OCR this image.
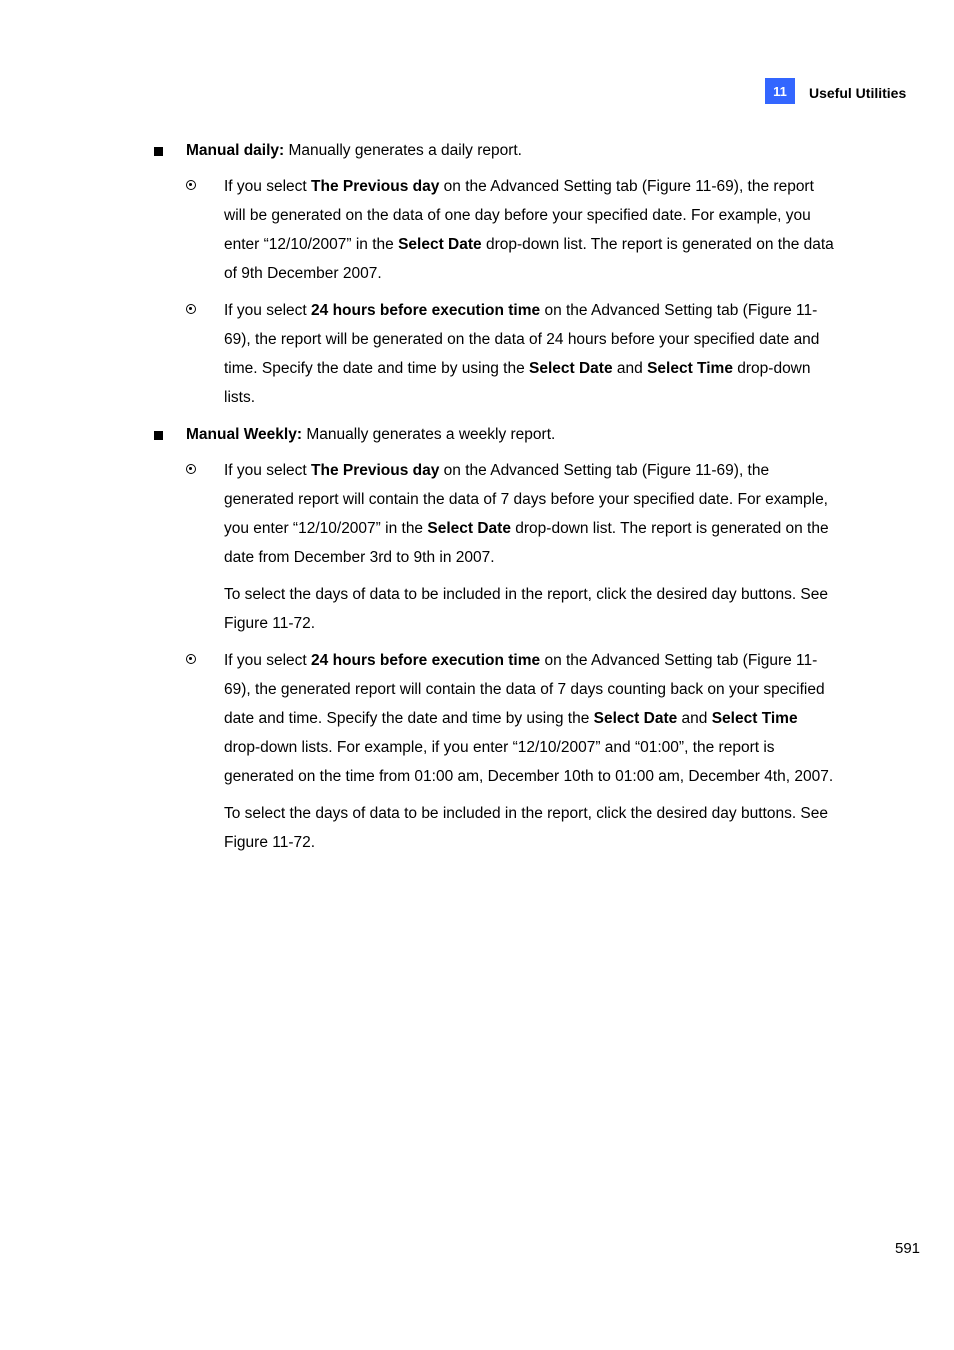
11	Useful Utilities
Manual daily: Manually generates a daily report.
If you select The Previous day on the Advanced Setting tab (Figure 11-69), the report will be generated on the data of one day before your specified date. For example, you enter “12/10/2007” in the Select Date drop-down list. The report is generated on the data of 9th December 2007.
If you select 24 hours before execution time on the Advanced Setting tab (Figure 11-69), the report will be generated on the data of 24 hours before your specified date and time. Specify the date and time by using the Select Date and Select Time drop-down lists.
Manual Weekly: Manually generates a weekly report.
If you select The Previous day on the Advanced Setting tab (Figure 11-69), the generated report will contain the data of 7 days before your specified date. For example, you enter “12/10/2007” in the Select Date drop-down list. The report is generated on the date from December 3rd to 9th in 2007.
To select the days of data to be included in the report, click the desired day buttons. See Figure 11-72.
If you select 24 hours before execution time on the Advanced Setting tab (Figure 11-69), the generated report will contain the data of 7 days counting back on your specified date and time. Specify the date and time by using the Select Date and Select Time drop-down lists. For example, if you enter “12/10/2007” and “01:00”, the report is generated on the time from 01:00 am, December 10th to 01:00 am, December 4th, 2007.
To select the days of data to be included in the report, click the desired day buttons. See Figure 11-72.
591
